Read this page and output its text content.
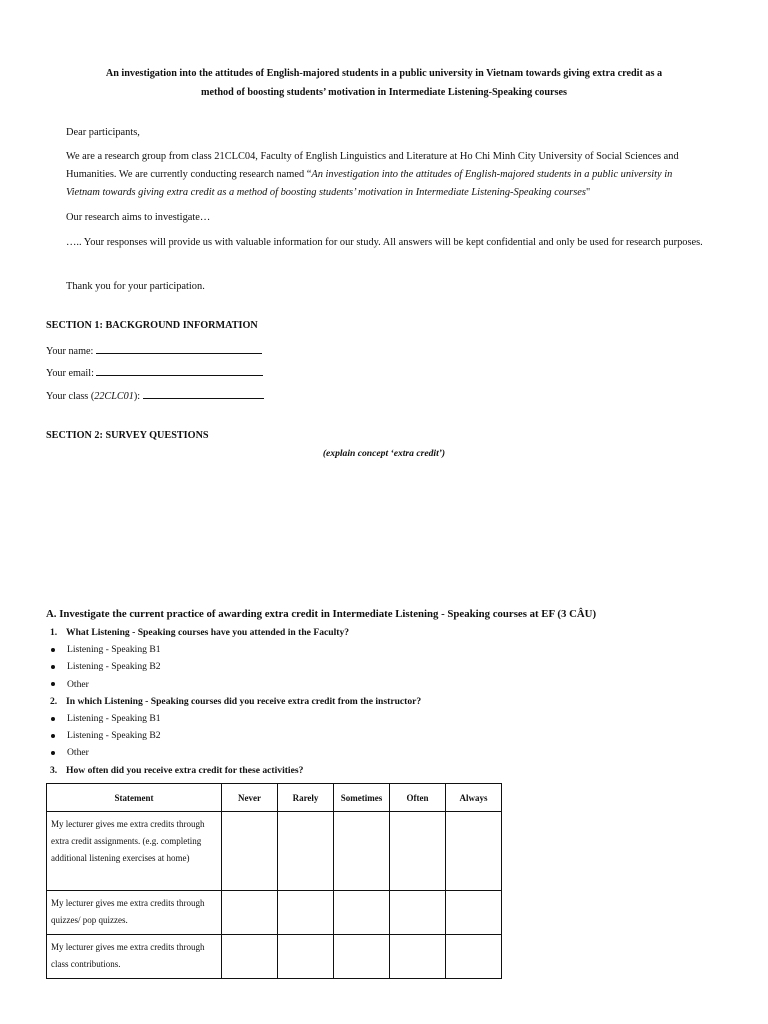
An investigation into the attitudes of English-majored students in a public university in Vietnam towards giving extra credit as a
method of boosting students’ motivation in Intermediate Listening-Speaking courses

Dear participants,

We are a research group from class 21CLC04, Faculty of English Linguistics and Literature at Ho Chi Minh City University of Social Sciences and Humanities. We are currently conducting research named “An investigation into the attitudes of English-majored students in a public university in Vietnam towards giving extra credit as a method of boosting students’ motivation in Intermediate Listening-Speaking courses"

Our research aims to investigate…

….. Your responses will provide us with valuable information for our study. All answers will be kept confidential and only be used for research purposes.

Thank you for your participation.

SECTION 1: BACKGROUND INFORMATION
Your name:
Your email:
Your class (22CLC01):
SECTION 2: SURVEY QUESTIONS
(explain concept ‘extra credit’)
A. Investigate the current practice of awarding extra credit in Intermediate Listening - Speaking courses at EF (3 CÂU)
1. What Listening - Speaking courses have you attended in the Faculty?
Listening - Speaking B1
Listening - Speaking B2
Other
2. In which Listening - Speaking courses did you receive extra credit from the instructor?
Listening - Speaking B1
Listening - Speaking B2
Other
3. How often did you receive extra credit for these activities?
Statement	Never	Rarely	Sometimes	Often	Always
My lecturer gives me extra credits through extra credit assignments. (e.g. completing additional listening exercises at home)					
My lecturer gives me extra credits through quizzes/ pop quizzes.					
My lecturer gives me extra credits through class contributions.					
